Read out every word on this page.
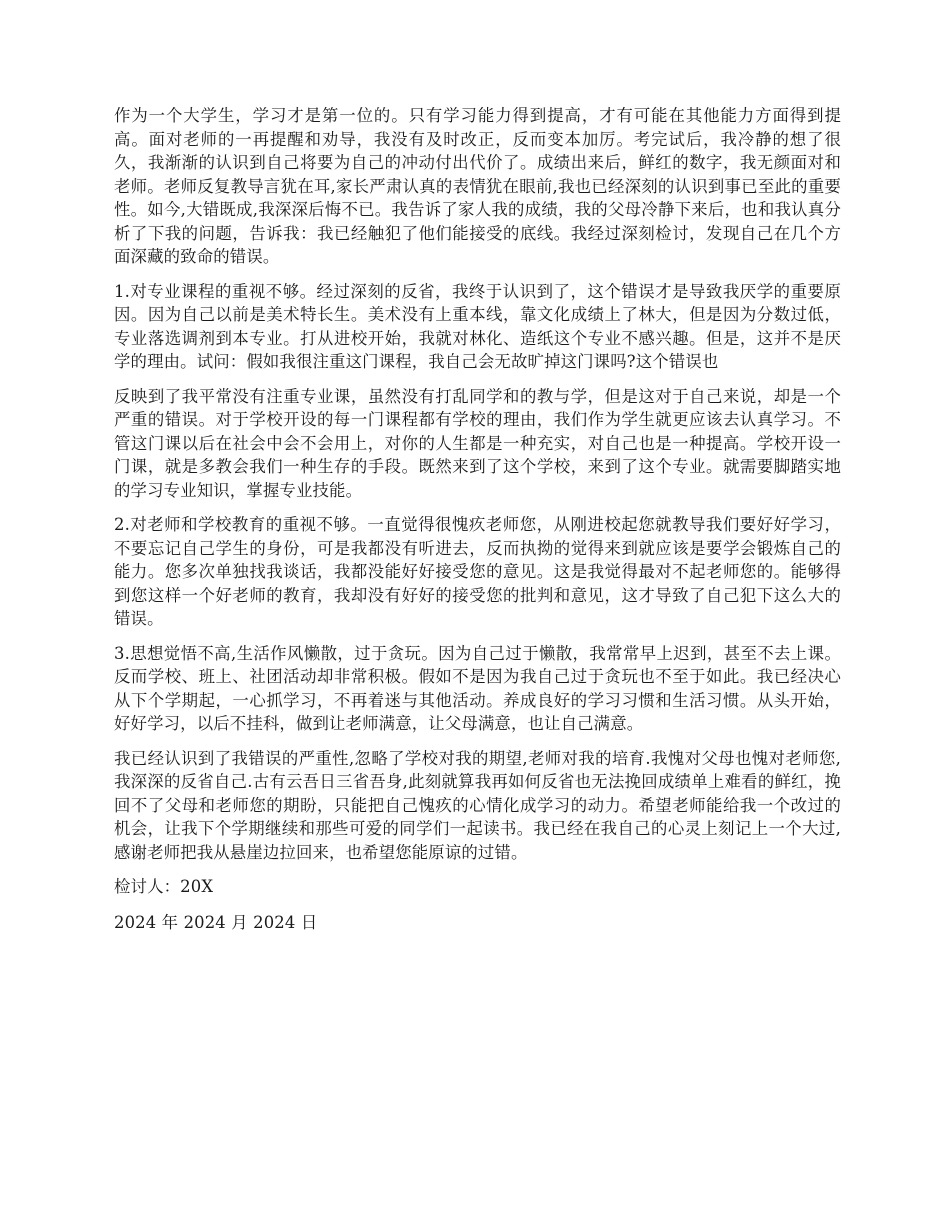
作为一个大学生，学习才是第一位的。只有学习能力得到提高，才有可能在其他能力方面得到提高。面对老师的一再提醒和劝导，我没有及时改正，反而变本加厉。考完试后，我冷静的想了很久，我渐渐的认识到自己将要为自己的冲动付出代价了。成绩出来后，鲜红的数字，我无颜面对和老师。老师反复教导言犹在耳,家长严肃认真的表情犹在眼前,我也已经深刻的认识到事已至此的重要性。如今,大错既成,我深深后悔不已。我告诉了家人我的成绩，我的父母冷静下来后，也和我认真分析了下我的问题，告诉我：我已经触犯了他们能接受的底线。我经过深刻检讨，发现自己在几个方面深藏的致命的错误。

1.对专业课程的重视不够。经过深刻的反省，我终于认识到了，这个错误才是导致我厌学的重要原因。因为自己以前是美术特长生。美术没有上重本线，靠文化成绩上了林大，但是因为分数过低，专业落选调剂到本专业。打从进校开始，我就对林化、造纸这个专业不感兴趣。但是，这并不是厌学的理由。试问：假如我很注重这门课程，我自己会无故旷掉这门课吗?这个错误也

反映到了我平常没有注重专业课，虽然没有打乱同学和的教与学，但是这对于自己来说，却是一个严重的错误。对于学校开设的每一门课程都有学校的理由，我们作为学生就更应该去认真学习。不管这门课以后在社会中会不会用上，对你的人生都是一种充实，对自己也是一种提高。学校开设一门课，就是多教会我们一种生存的手段。既然来到了这个学校，来到了这个专业。就需要脚踏实地的学习专业知识，掌握专业技能。

2.对老师和学校教育的重视不够。一直觉得很愧疚老师您，从刚进校起您就教导我们要好好学习，不要忘记自己学生的身份，可是我都没有听进去，反而执拗的觉得来到就应该是要学会锻炼自己的能力。您多次单独找我谈话，我都没能好好接受您的意见。这是我觉得最对不起老师您的。能够得到您这样一个好老师的教育，我却没有好好的接受您的批判和意见，这才导致了自己犯下这么大的错误。

3.思想觉悟不高,生活作风懒散，过于贪玩。因为自己过于懒散，我常常早上迟到，甚至不去上课。反而学校、班上、社团活动却非常积极。假如不是因为我自己过于贪玩也不至于如此。我已经决心从下个学期起，一心抓学习，不再着迷与其他活动。养成良好的学习习惯和生活习惯。从头开始，好好学习，以后不挂科，做到让老师满意，让父母满意，也让自己满意。

我已经认识到了我错误的严重性,忽略了学校对我的期望,老师对我的培育.我愧对父母也愧对老师您,我深深的反省自己.古有云吾日三省吾身,此刻就算我再如何反省也无法挽回成绩单上难看的鲜红，挽回不了父母和老师您的期盼，只能把自己愧疚的心情化成学习的动力。希望老师能给我一个改过的机会，让我下个学期继续和那些可爱的同学们一起读书。我已经在我自己的心灵上刻记上一个大过,感谢老师把我从悬崖边拉回来，也希望您能原谅的过错。

检讨人：20X

2024 年 2024 月 2024 日
